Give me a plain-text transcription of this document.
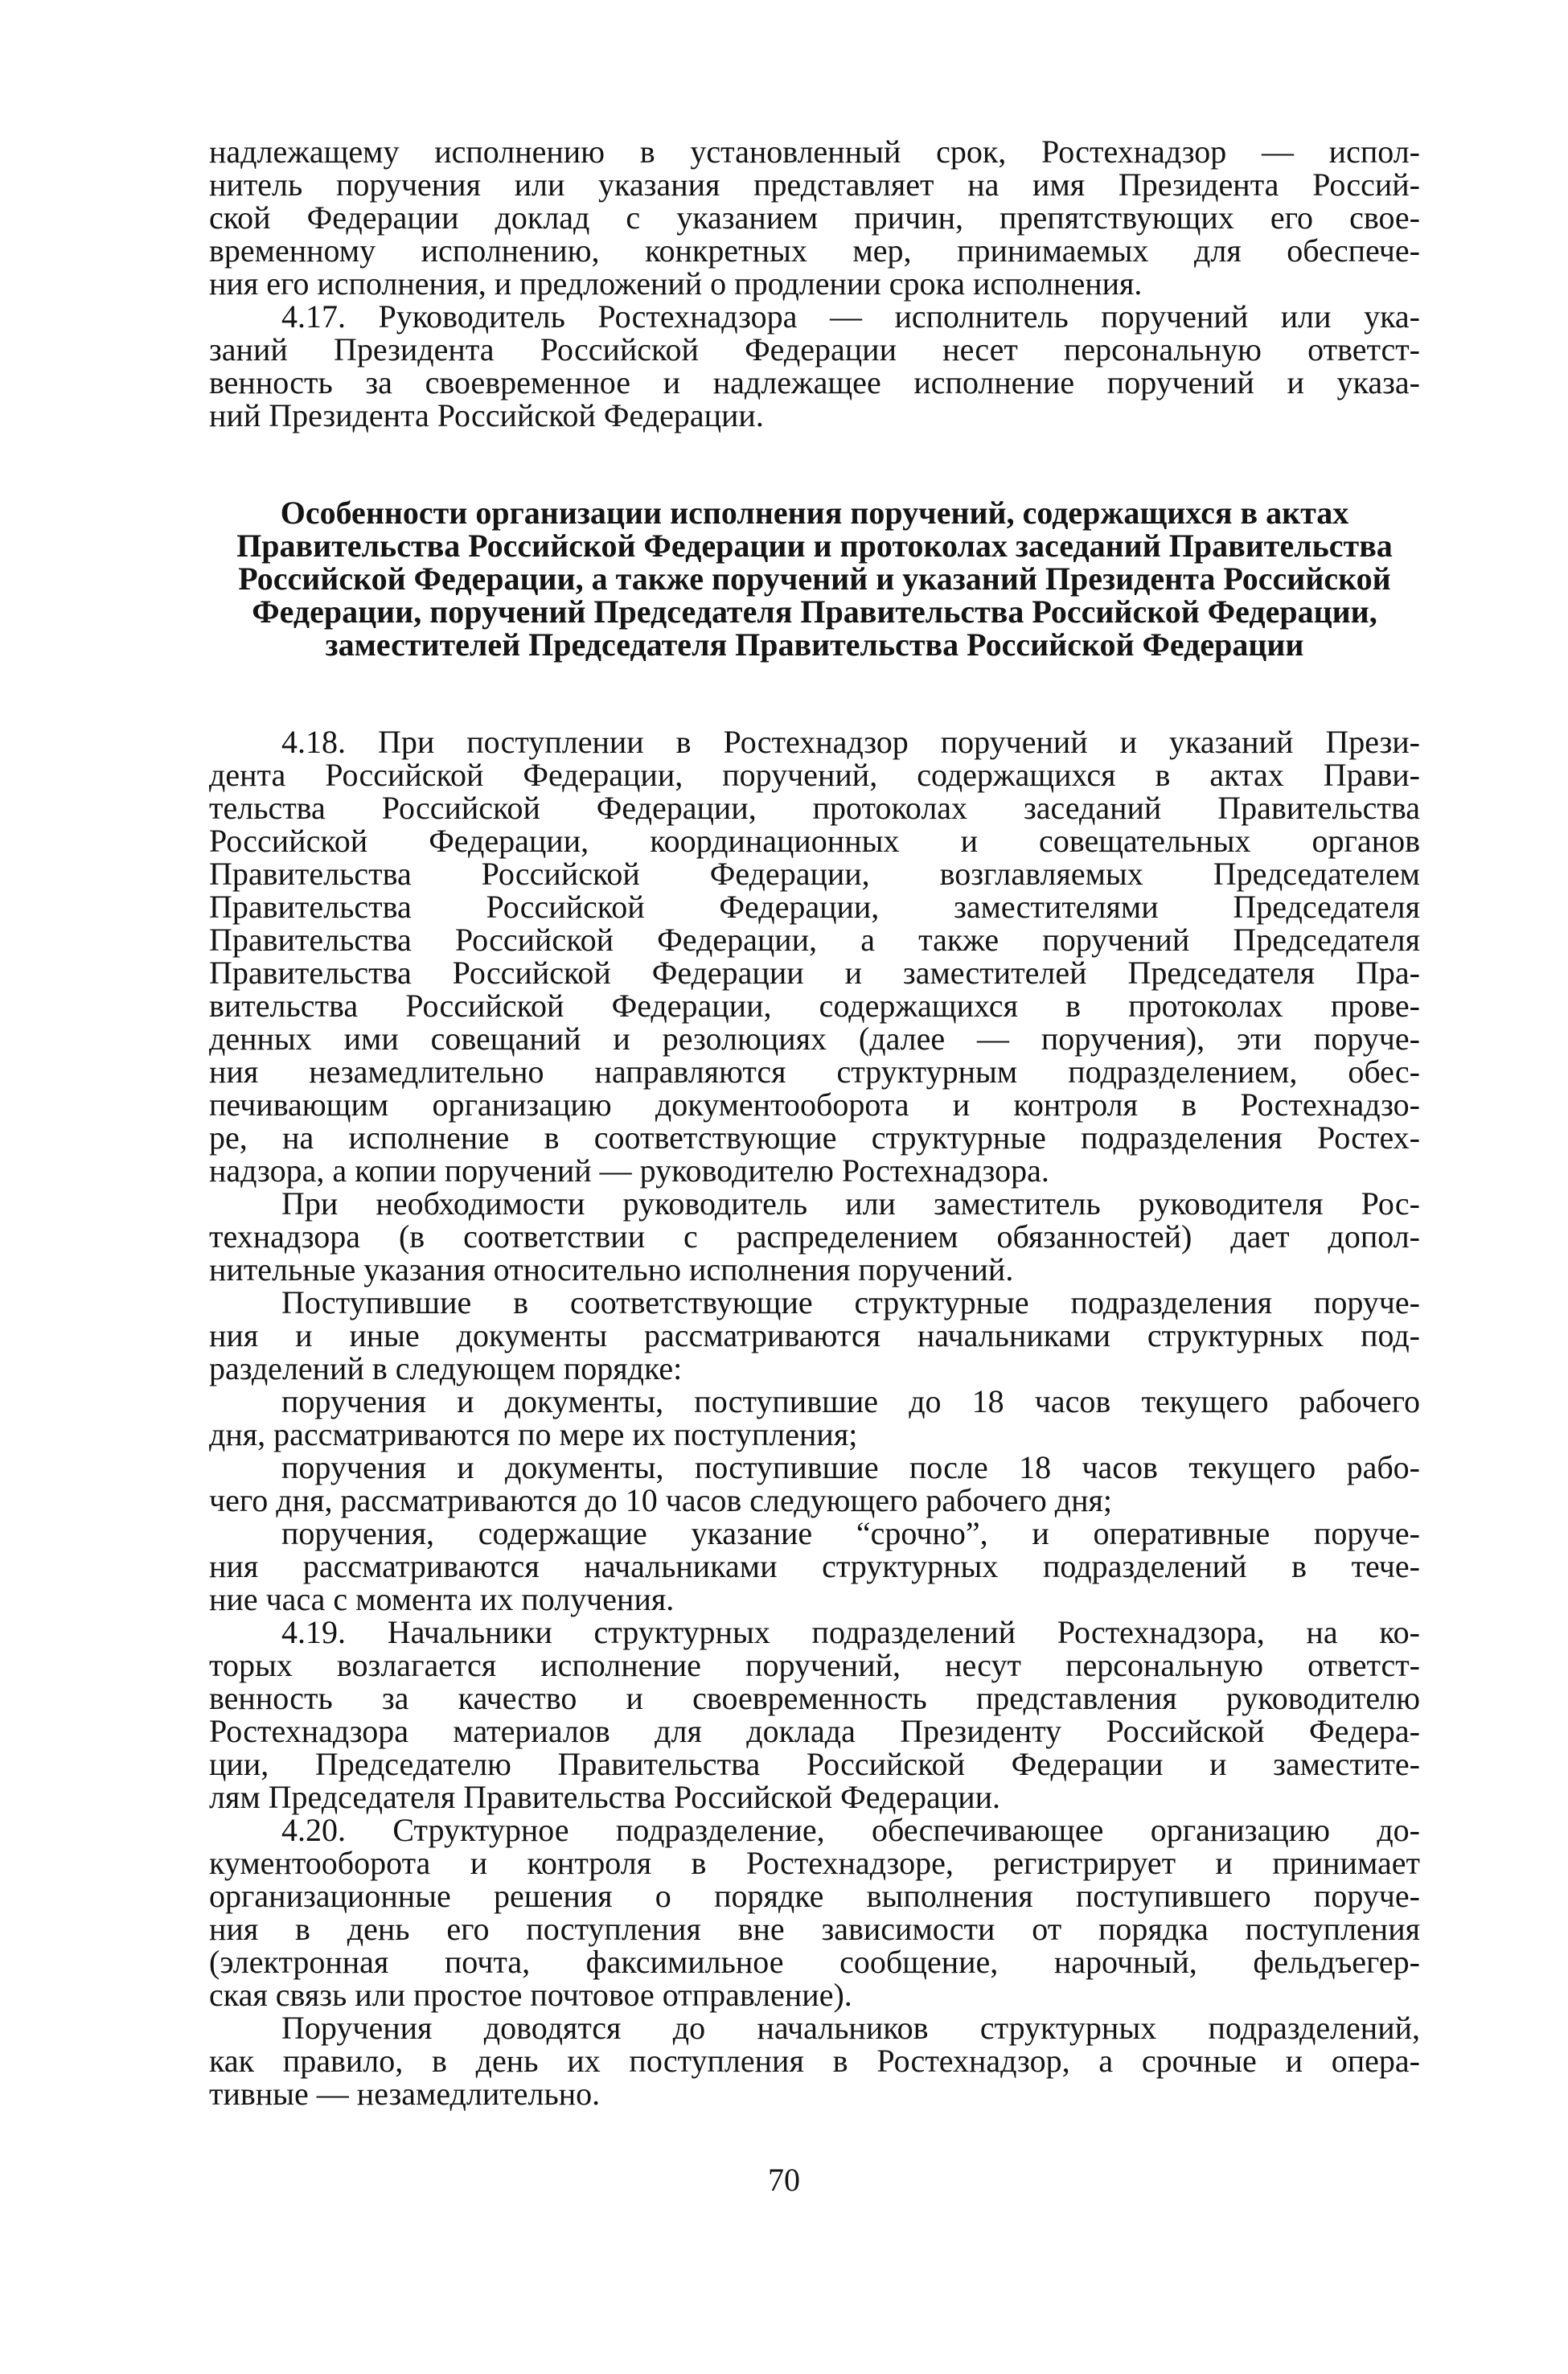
надлежащему исполнению в установленный срок, Ростехнадзор — испол-

нитель поручения или указания представляет на имя Президента Россий-

ской Федерации доклад с указанием причин, препятствующих его свое-

временному исполнению, конкретных мер, принимаемых для обеспече-

ния его исполнения, и предложений о продлении срока исполнения.

4.17. Руководитель Ростехнадзора — исполнитель поручений или ука-

заний Президента Российской Федерации несет персональную ответст-

венность за своевременное и надлежащее исполнение поручений и указа-

ний Президента Российской Федерации.

Особенности организации исполнения поручений, содержащихся в актах

Правительства Российской Федерации и протоколах заседаний Правительства

Российской Федерации, а также поручений и указаний Президента Российской

Федерации, поручений Председателя Правительства Российской Федерации,

заместителей Председателя Правительства Российской Федерации

4.18. При поступлении в Ростехнадзор поручений и указаний Прези-

дента Российской Федерации, поручений, содержащихся в актах Прави-

тельства Российской Федерации, протоколах заседаний Правительства

Российской Федерации, координационных и совещательных органов

Правительства Российской Федерации, возглавляемых Председателем

Правительства Российской Федерации, заместителями Председателя

Правительства Российской Федерации, а также поручений Председателя

Правительства Российской Федерации и заместителей Председателя Пра-

вительства Российской Федерации, содержащихся в протоколах прове-

денных ими совещаний и резолюциях (далее — поручения), эти поруче-

ния незамедлительно направляются структурным подразделением, обес-

печивающим организацию документооборота и контроля в Ростехнадзо-

ре, на исполнение в соответствующие структурные подразделения Ростех-

надзора, а копии поручений — руководителю Ростехнадзора.

При необходимости руководитель или заместитель руководителя Рос-

технадзора (в соответствии с распределением обязанностей) дает допол-

нительные указания относительно исполнения поручений.

Поступившие в соответствующие структурные подразделения поруче-

ния и иные документы рассматриваются начальниками структурных под-

разделений в следующем порядке:

поручения и документы, поступившие до 18 часов текущего рабочего

дня, рассматриваются по мере их поступления;

поручения и документы, поступившие после 18 часов текущего рабо-

чего дня, рассматриваются до 10 часов следующего рабочего дня;

поручения, содержащие указание “срочно”, и оперативные поруче-

ния рассматриваются начальниками структурных подразделений в тече-

ние часа с момента их получения.

4.19. Начальники структурных подразделений Ростехнадзора, на ко-

торых возлагается исполнение поручений, несут персональную ответст-

венность за качество и своевременность представления руководителю

Ростехнадзора материалов для доклада Президенту Российской Федера-

ции, Председателю Правительства Российской Федерации и заместите-

лям Председателя Правительства Российской Федерации.

4.20. Структурное подразделение, обеспечивающее организацию до-

кументооборота и контроля в Ростехнадзоре, регистрирует и принимает

организационные решения о порядке выполнения поступившего поруче-

ния в день его поступления вне зависимости от порядка поступления

(электронная почта, факсимильное сообщение, нарочный, фельдъегер-

ская связь или простое почтовое отправление).

Поручения доводятся до начальников структурных подразделений,

как правило, в день их поступления в Ростехнадзор, а срочные и опера-

тивные — незамедлительно.

70
